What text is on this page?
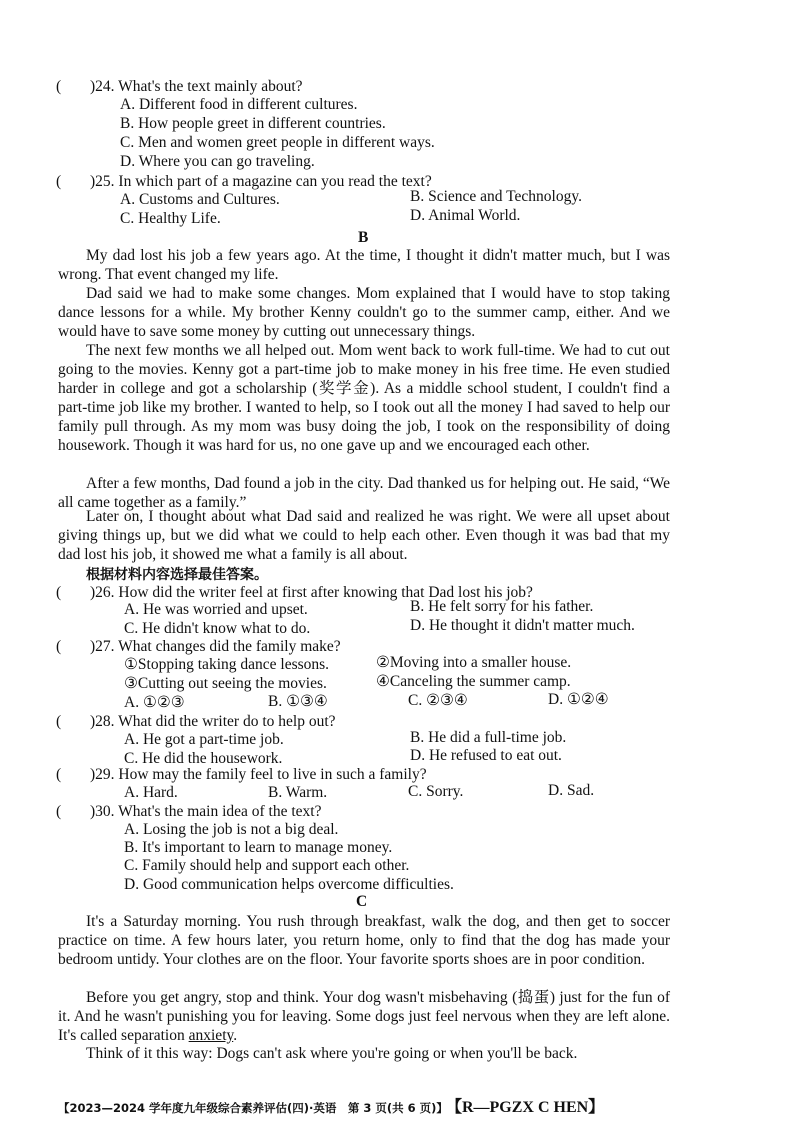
( )24. What's the text mainly about?
A. Different food in different cultures.
B. How people greet in different countries.
C. Men and women greet people in different ways.
D. Where you can go traveling.
( )25. In which part of a magazine can you read the text?
A. Customs and Cultures.	B. Science and Technology.
C. Healthy Life.	D. Animal World.
B
My dad lost his job a few years ago. At the time, I thought it didn't matter much, but I was wrong. That event changed my life.
Dad said we had to make some changes. Mom explained that I would have to stop taking dance lessons for a while. My brother Kenny couldn't go to the summer camp, either. And we would have to save some money by cutting out unnecessary things.
The next few months we all helped out. Mom went back to work full-time. We had to cut out going to the movies. Kenny got a part-time job to make money in his free time. He even studied harder in college and got a scholarship (奖学金). As a middle school student, I couldn't find a part-time job like my brother. I wanted to help, so I took out all the money I had saved to help our family pull through. As my mom was busy doing the job, I took on the responsibility of doing housework. Though it was hard for us, no one gave up and we encouraged each other.
After a few months, Dad found a job in the city. Dad thanked us for helping out. He said, “We all came together as a family.”
Later on, I thought about what Dad said and realized he was right. We were all upset about giving things up, but we did what we could to help each other. Even though it was bad that my dad lost his job, it showed me what a family is all about.
根据材料内容选择最佳答案。
( )26. How did the writer feel at first after knowing that Dad lost his job?
A. He was worried and upset.	B. He felt sorry for his father.
C. He didn't know what to do.	D. He thought it didn't matter much.
( )27. What changes did the family make?
①Stopping taking dance lessons.	②Moving into a smaller house.
③Cutting out seeing the movies.	④Canceling the summer camp.
A. ①②③	B. ①③④	C. ②③④	D. ①②④
( )28. What did the writer do to help out?
A. He got a part-time job.	B. He did a full-time job.
C. He did the housework.	D. He refused to eat out.
( )29. How may the family feel to live in such a family?
A. Hard.	B. Warm.	C. Sorry.	D. Sad.
( )30. What's the main idea of the text?
A. Losing the job is not a big deal.
B. It's important to learn to manage money.
C. Family should help and support each other.
D. Good communication helps overcome difficulties.
C
It's a Saturday morning. You rush through breakfast, walk the dog, and then get to soccer practice on time. A few hours later, you return home, only to find that the dog has made your bedroom untidy. Your clothes are on the floor. Your favorite sports shoes are in poor condition.
Before you get angry, stop and think. Your dog wasn't misbehaving (捣蛋) just for the fun of it. And he wasn't punishing you for leaving. Some dogs just feel nervous when they are left alone. It's called separation anxiety.
Think of it this way: Dogs can't ask where you're going or when you'll be back.
【2023—2024 学年度九年级综合素养评估(四)·英语　第 3 页(共 6 页)】 【R—PGZX C HEN】
